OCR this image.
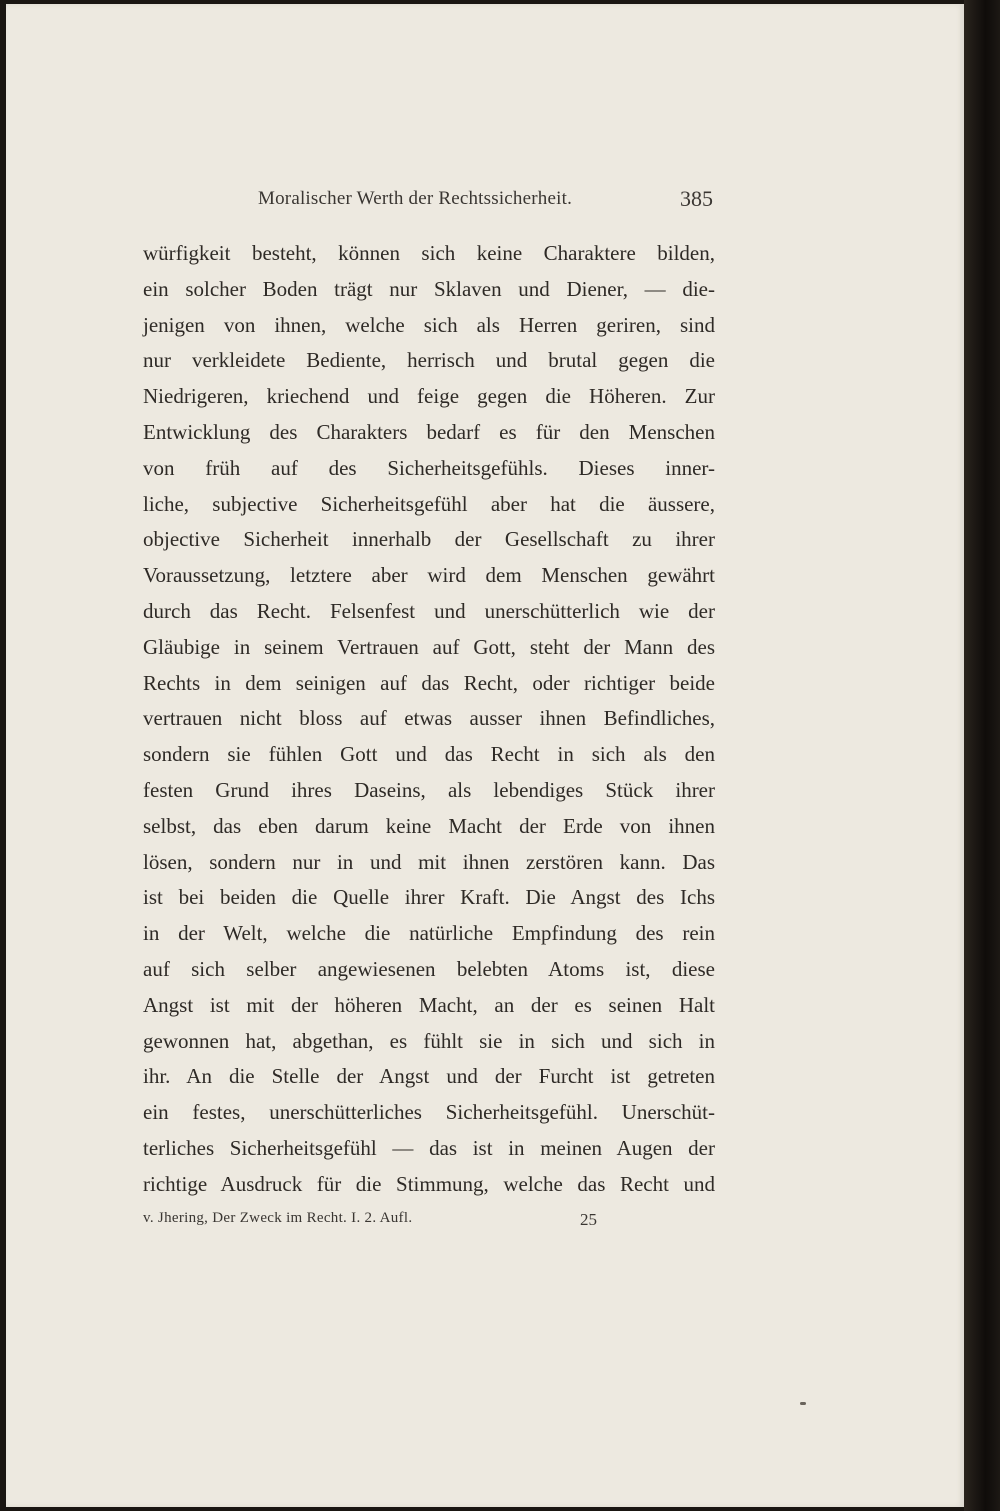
Moralischer Werth der Rechtssicherheit.	385
würfigkeit besteht, können sich keine Charaktere bilden,
ein solcher Boden trägt nur Sklaven und Diener, — die-
jenigen von ihnen, welche sich als Herren geriren, sind
nur verkleidete Bediente, herrisch und brutal gegen die
Niedrigeren, kriechend und feige gegen die Höheren. Zur
Entwicklung des Charakters bedarf es für den Menschen
von früh auf des Sicherheitsgefühls. Dieses inner-
liche, subjective Sicherheitsgefühl aber hat die äussere,
objective Sicherheit innerhalb der Gesellschaft zu ihrer
Voraussetzung, letztere aber wird dem Menschen gewährt
durch das Recht. Felsenfest und unerschütterlich wie der
Gläubige in seinem Vertrauen auf Gott, steht der Mann des
Rechts in dem seinigen auf das Recht, oder richtiger beide
vertrauen nicht bloss auf etwas ausser ihnen Befindliches,
sondern sie fühlen Gott und das Recht in sich als den
festen Grund ihres Daseins, als lebendiges Stück ihrer
selbst, das eben darum keine Macht der Erde von ihnen
lösen, sondern nur in und mit ihnen zerstören kann. Das
ist bei beiden die Quelle ihrer Kraft. Die Angst des Ichs
in der Welt, welche die natürliche Empfindung des rein
auf sich selber angewiesenen belebten Atoms ist, diese
Angst ist mit der höheren Macht, an der es seinen Halt
gewonnen hat, abgethan, es fühlt sie in sich und sich in
ihr. An die Stelle der Angst und der Furcht ist getreten
ein festes, unerschütterliches Sicherheitsgefühl. Unerschüt-
terliches Sicherheitsgefühl — das ist in meinen Augen der
richtige Ausdruck für die Stimmung, welche das Recht und
v. Jhering, Der Zweck im Recht. I. 2. Aufl.	25
